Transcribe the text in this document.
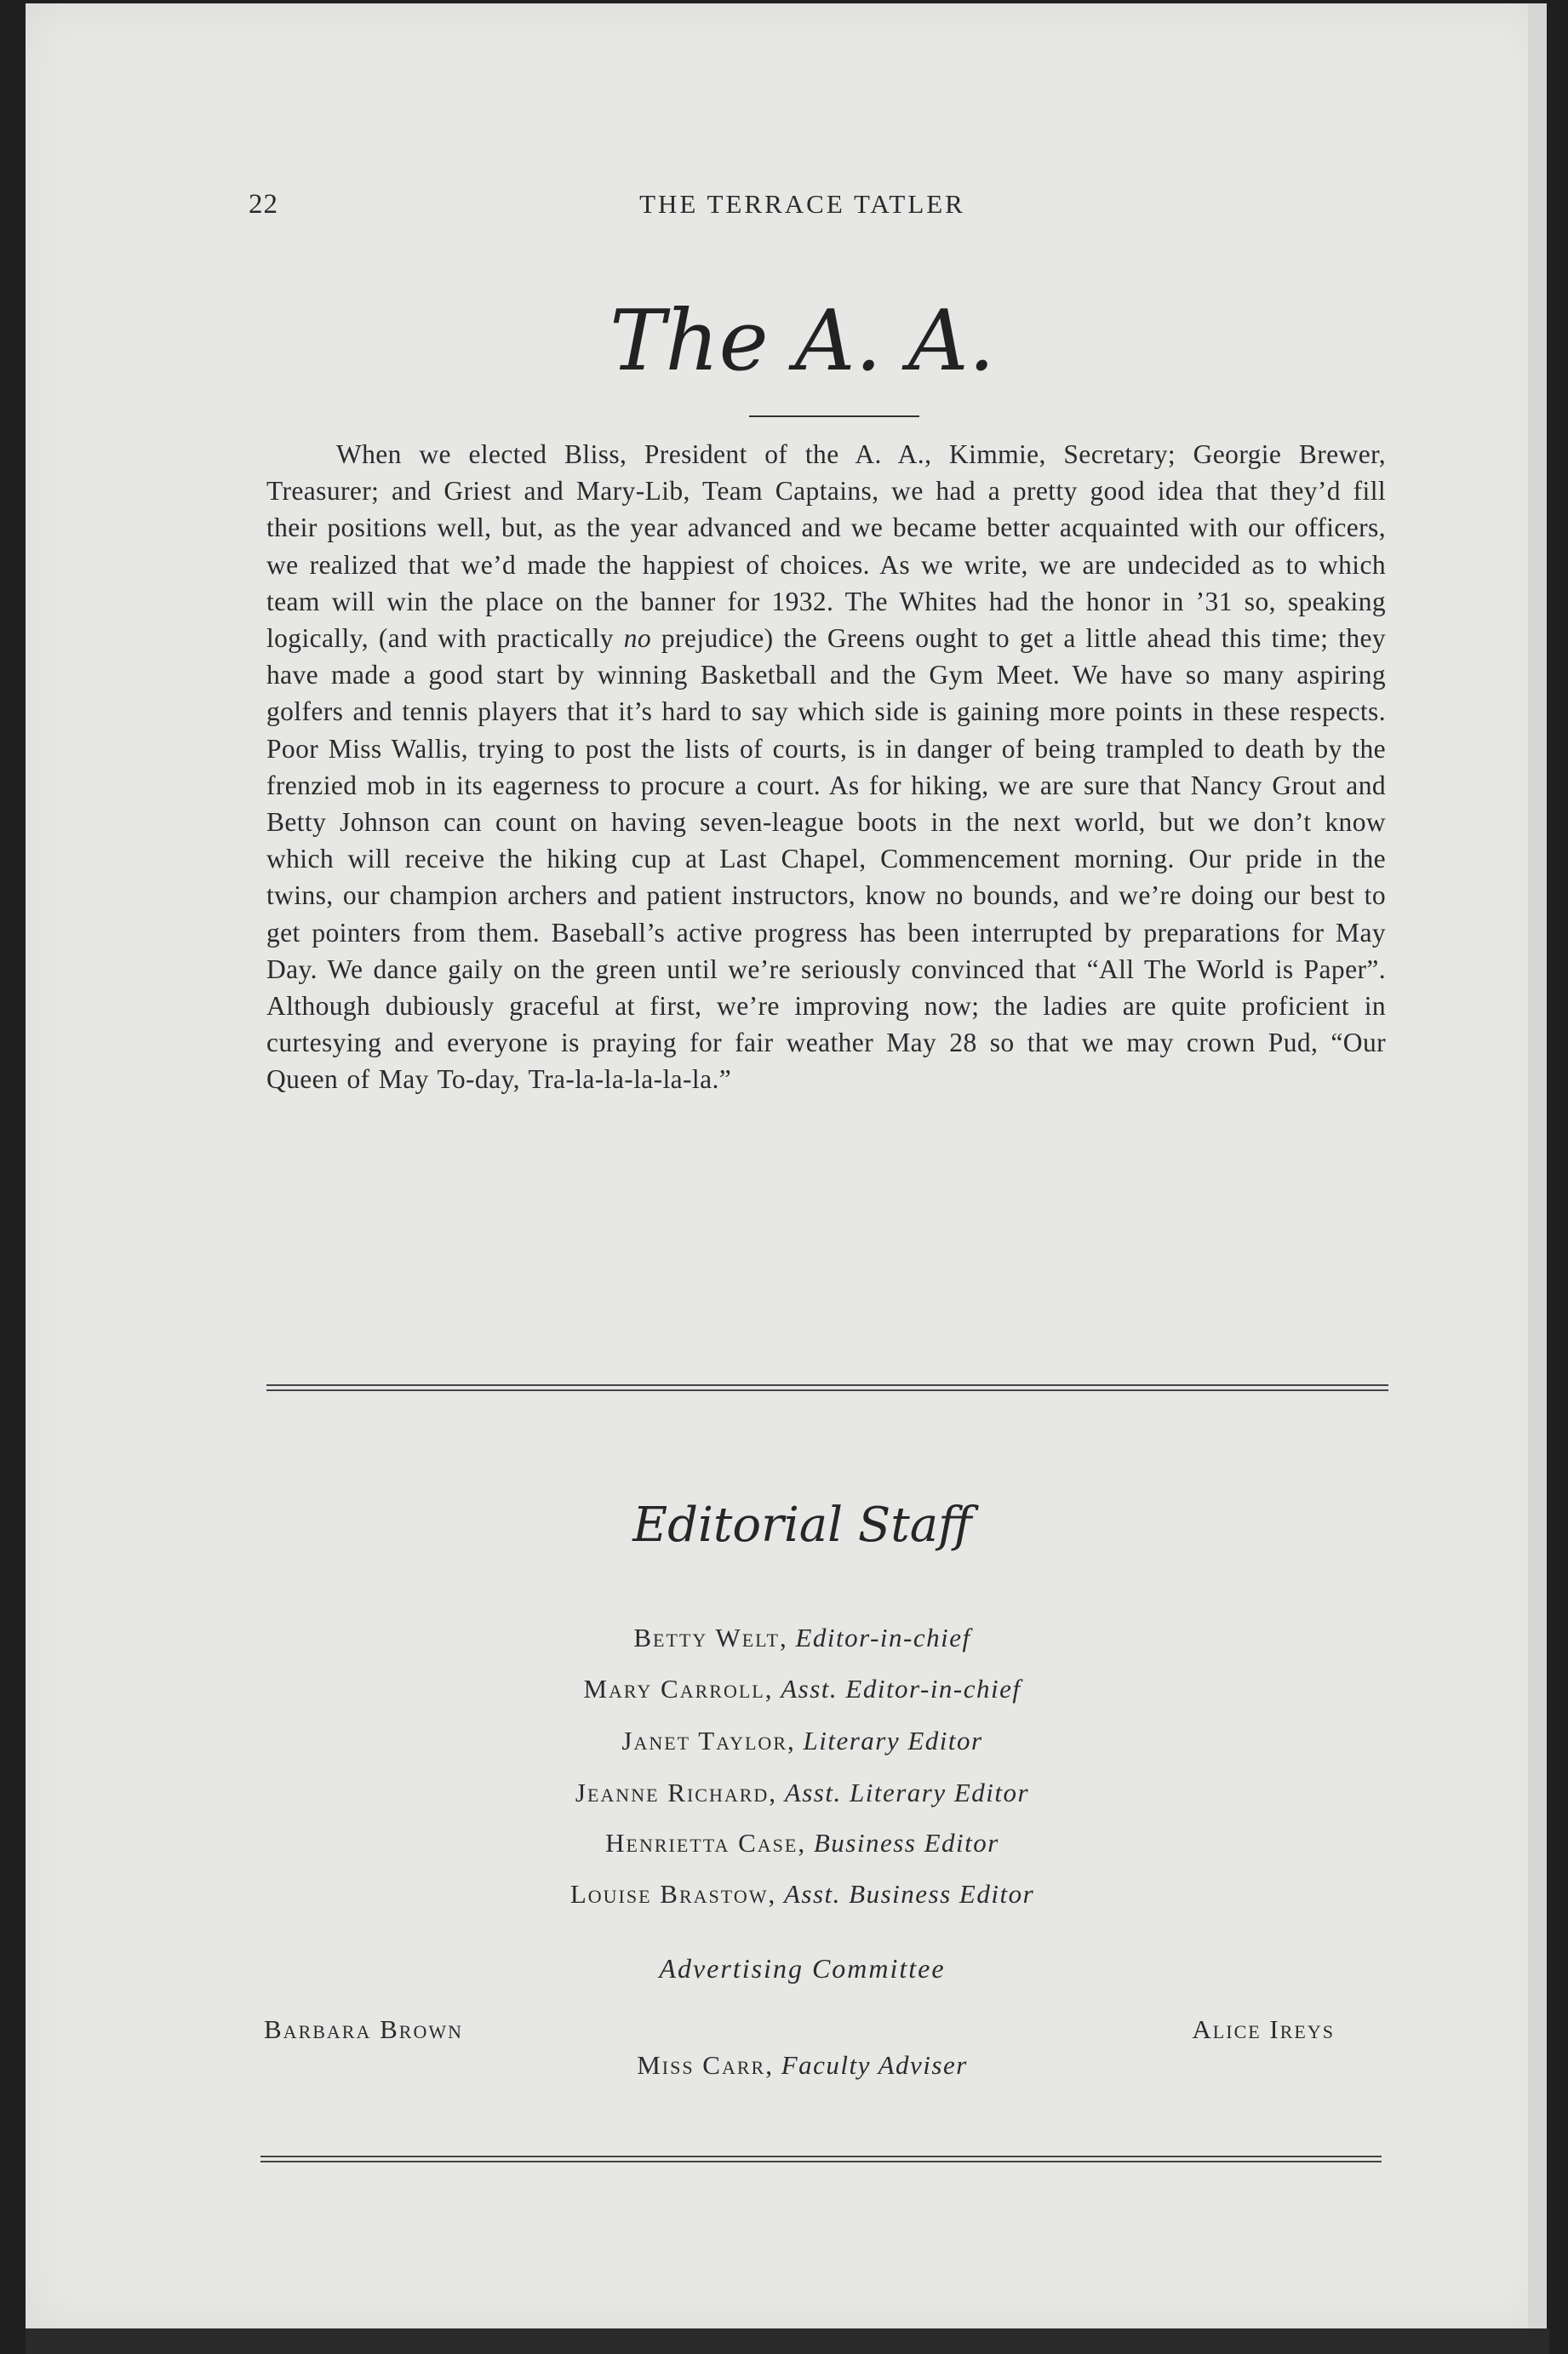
22	THE TERRACE TATLER
The A. A.

When we elected Bliss, President of the A. A., Kimmie, Secretary; Georgie Brewer, Treasurer; and Griest and Mary-Lib, Team Captains, we had a pretty good idea that they’d fill their positions well, but, as the year advanced and we became better acquainted with our officers, we realized that we’d made the happiest of choices. As we write, we are undecided as to which team will win the place on the banner for 1932. The Whites had the honor in ’31 so, speaking logically, (and with practically no prejudice) the Greens ought to get a little ahead this time; they have made a good start by winning Basketball and the Gym Meet. We have so many aspiring golfers and tennis players that it’s hard to say which side is gaining more points in these respects. Poor Miss Wallis, trying to post the lists of courts, is in danger of being trampled to death by the frenzied mob in its eagerness to procure a court. As for hiking, we are sure that Nancy Grout and Betty Johnson can count on having seven-league boots in the next world, but we don’t know which will receive the hiking cup at Last Chapel, Commencement morning. Our pride in the twins, our champion archers and patient instructors, know no bounds, and we’re doing our best to get pointers from them. Baseball’s active progress has been interrupted by preparations for May Day. We dance gaily on the green until we’re seriously convinced that “All The World is Paper”. Although dubiously graceful at first, we’re improving now; the ladies are quite proficient in curtesying and everyone is praying for fair weather May 28 so that we may crown Pud, “Our Queen of May To-day, Tra-la-la-la-la-la.”

Editorial Staff
Betty Welt, Editor-in-chief
Mary Carroll, Asst. Editor-in-chief
Janet Taylor, Literary Editor
Jeanne Richard, Asst. Literary Editor
Henrietta Case, Business Editor
Louise Brastow, Asst. Business Editor
Advertising Committee
Barbara Brown	Alice Ireys
Miss Carr, Faculty Adviser
